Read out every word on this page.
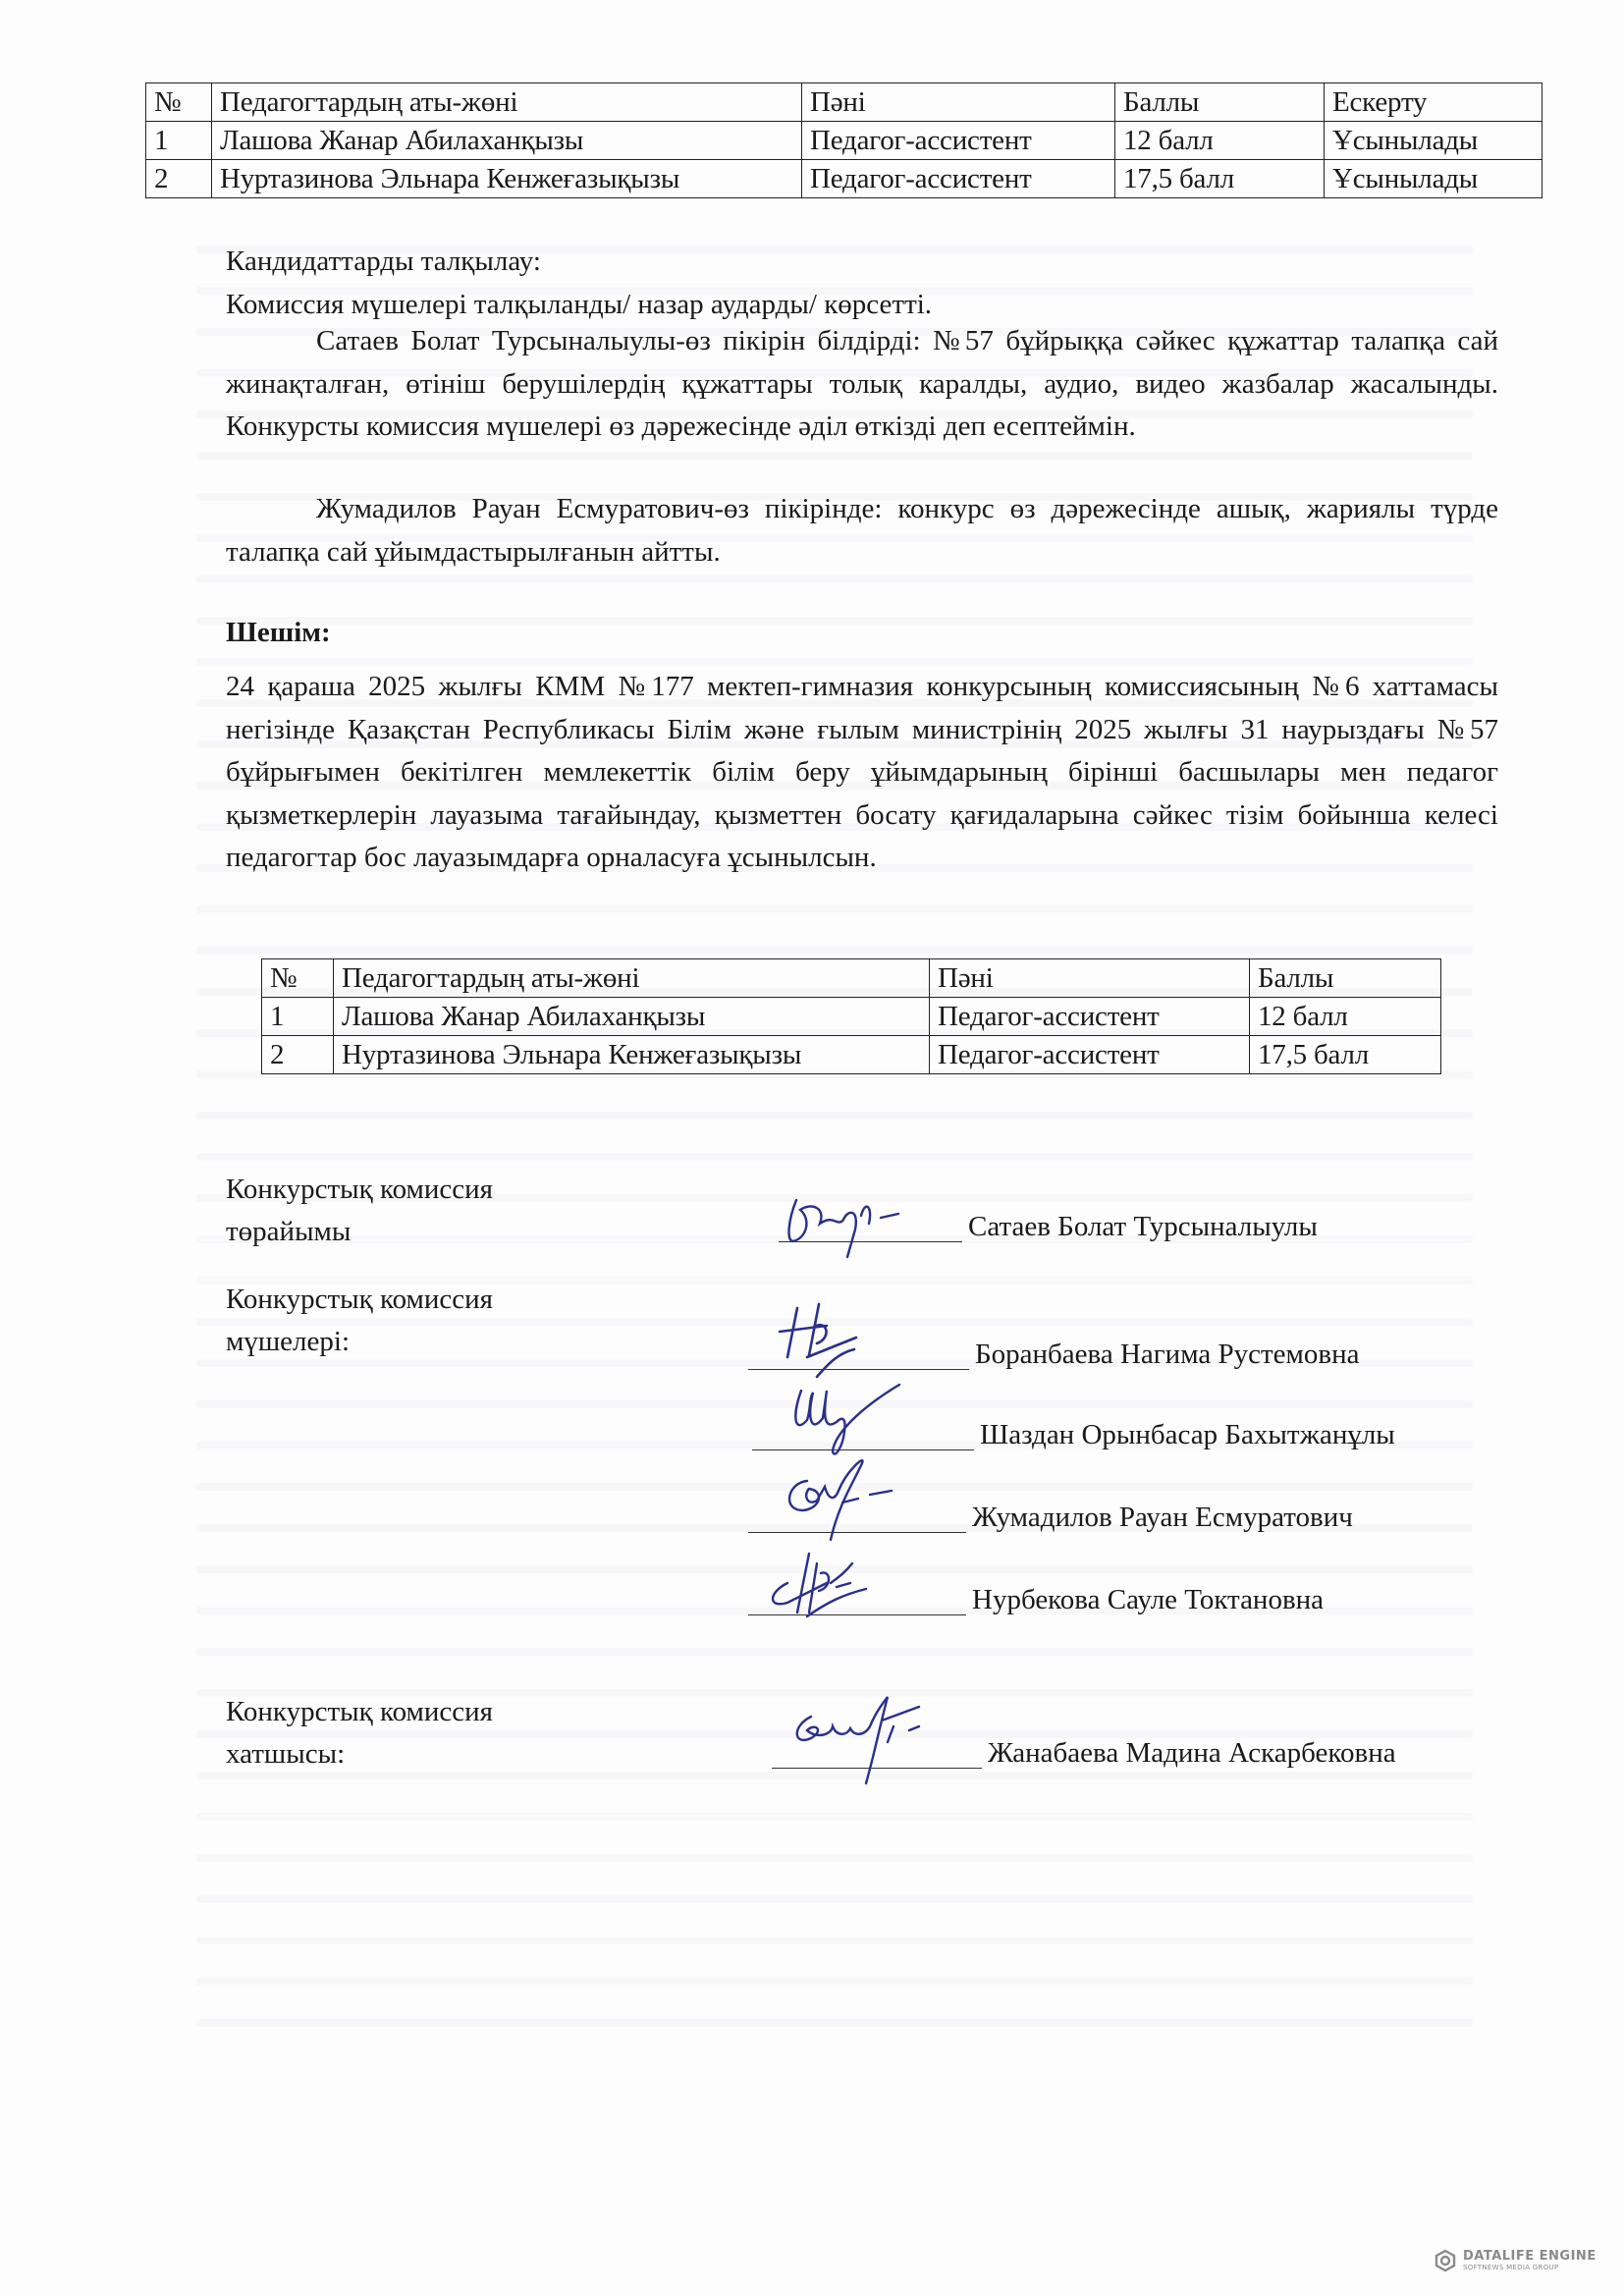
№	Педагогтардың аты-жөні	Пәні	Баллы	Ескерту
1	Лашова Жанар Абилаханқызы	Педагог-ассистент	12 балл	Ұсынылады
2	Нуртазинова Эльнара Кенжеғазықызы	Педагог-ассистент	17,5 балл	Ұсынылады
Кандидаттарды талқылау:
Комиссия мүшелері талқыланды/ назар аударды/ көрсетті.

Сатаев Болат Турсыналыулы-өз пікірін білдірді: №57 бұйрыққа сәйкес құжаттар талапқа сай жинақталған, өтініш берушілердің құжаттары толық каралды, аудио, видео жазбалар жасалынды. Конкурсты комиссия мүшелері өз дәрежесінде әділ өткізді деп есептеймін.

Жумадилов Рауан Есмуратович-өз пікірінде: конкурс өз дәрежесінде ашық, жариялы түрде талапқа сай ұйымдастырылғанын айтты.

Шешім:

24 қараша 2025 жылғы КММ №177 мектеп-гимназия конкурсының комиссиясының №6 хаттамасы негізінде Қазақстан Республикасы Білім және ғылым министрінің 2025 жылғы 31 наурыздағы №57 бұйрығымен бекітілген мемлекеттік білім беру ұйымдарының бірінші басшылары мен педагог қызметкерлерін лауазыма тағайындау, қызметтен босату қағидаларына сәйкес тізім бойынша келесі педагогтар бос лауазымдарға орналасуға ұсынылсын.

№	Педагогтардың аты-жөні	Пәні	Баллы
1	Лашова Жанар Абилаханқызы	Педагог-ассистент	12 балл
2	Нуртазинова Эльнара Кенжеғазықызы	Педагог-ассистент	17,5 балл
Конкурстық комиссия
төрайымы	Сатаев Болат Турсыналыулы
Конкурстық комиссия
мүшелері:	Боранбаева Нагима Рустемовна
Шаздан Орынбасар Бахытжанұлы
Жумадилов Рауан Есмуратович
Нурбекова Сауле Токтановна
Конкурстық комиссия
хатшысы:	Жанабаева Мадина Аскарбековна
DATALIFE ENGINE
SOFTNEWS MEDIA GROUP
